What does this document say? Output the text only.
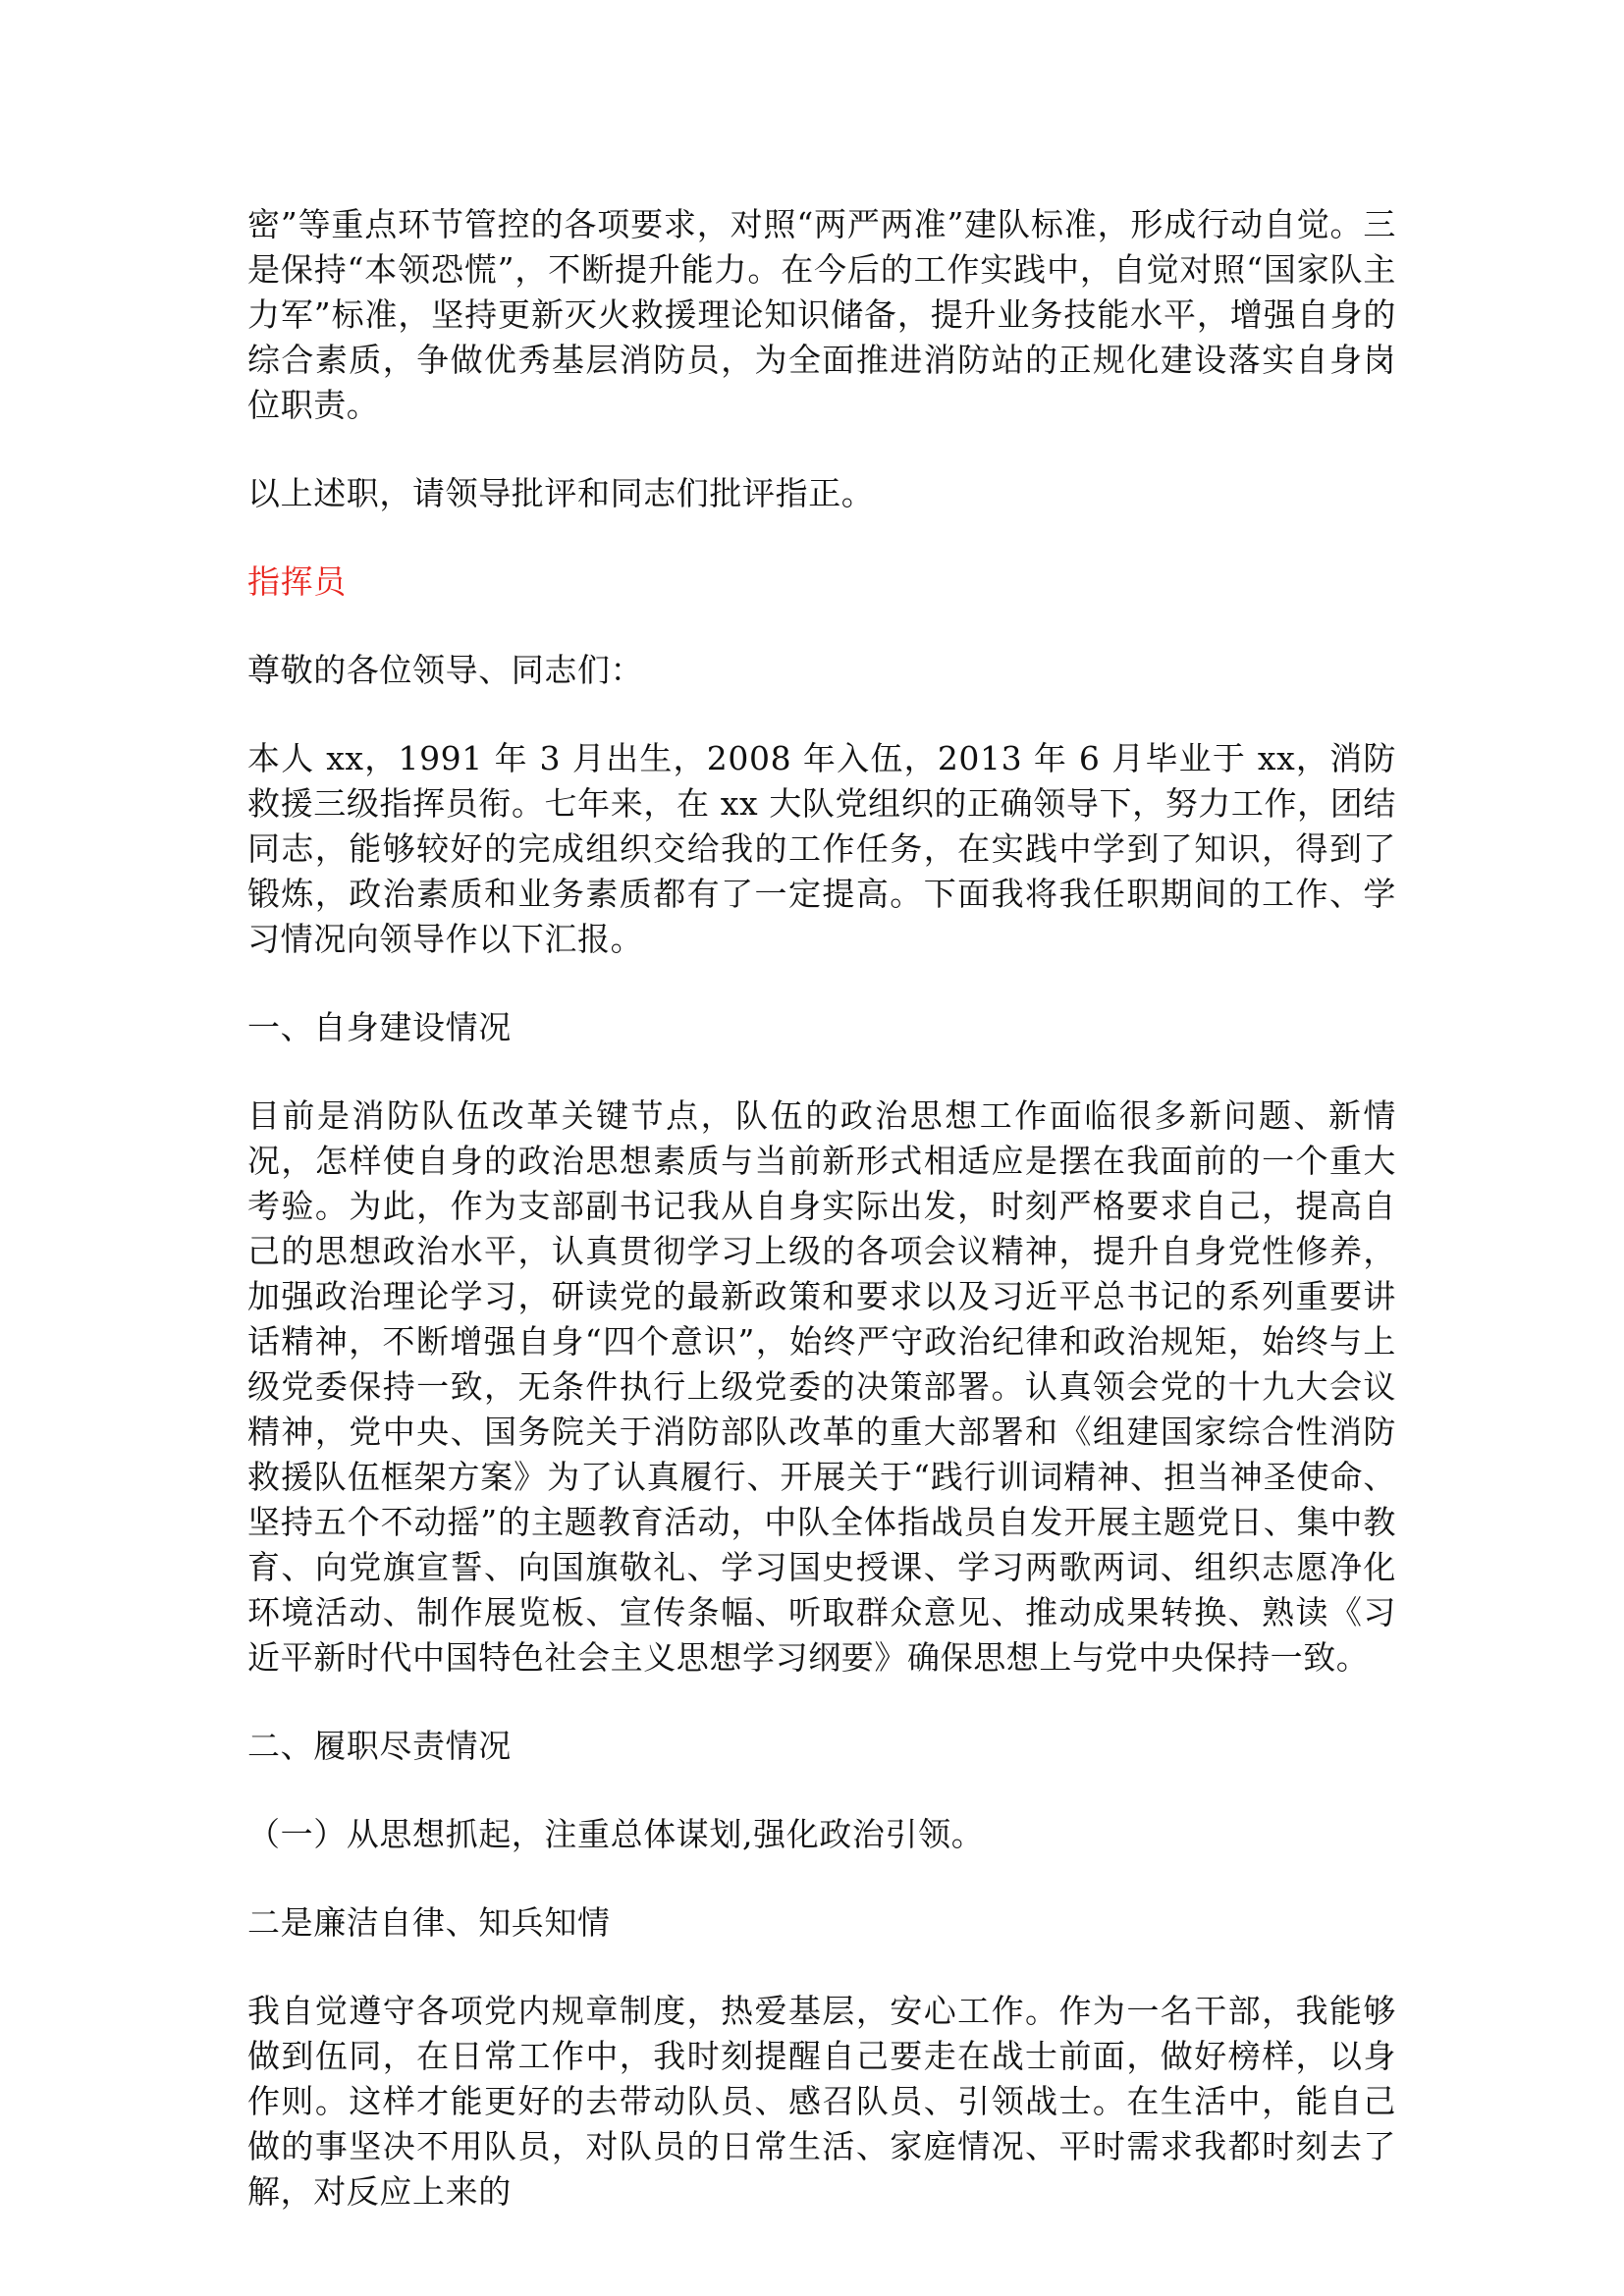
密”等重点环节管控的各项要求，对照“两严两准”建队标准，形成行动自觉。三是保持“本领恐慌”，不断提升能力。在今后的工作实践中，自觉对照“国家队主力军”标准，坚持更新灭火救援理论知识储备，提升业务技能水平，增强自身的综合素质，争做优秀基层消防员，为全面推进消防站的正规化建设落实自身岗位职责。

以上述职，请领导批评和同志们批评指正。

指挥员

尊敬的各位领导、同志们：

本人 xx，1991 年 3 月出生，2008 年入伍，2013 年 6 月毕业于 xx，消防救援三级指挥员衔。七年来，在 xx 大队党组织的正确领导下，努力工作，团结同志，能够较好的完成组织交给我的工作任务，在实践中学到了知识，得到了锻炼，政治素质和业务素质都有了一定提高。下面我将我任职期间的工作、学习情况向领导作以下汇报。

一、自身建设情况

目前是消防队伍改革关键节点，队伍的政治思想工作面临很多新问题、新情况，怎样使自身的政治思想素质与当前新形式相适应是摆在我面前的一个重大考验。为此，作为支部副书记我从自身实际出发，时刻严格要求自己，提高自己的思想政治水平，认真贯彻学习上级的各项会议精神，提升自身党性修养，加强政治理论学习，研读党的最新政策和要求以及习近平总书记的系列重要讲话精神，不断增强自身“四个意识”，始终严守政治纪律和政治规矩，始终与上级党委保持一致，无条件执行上级党委的决策部署。认真领会党的十九大会议精神，党中央、国务院关于消防部队改革的重大部署和《组建国家综合性消防救援队伍框架方案》为了认真履行、开展关于“践行训词精神、担当神圣使命、坚持五个不动摇”的主题教育活动，中队全体指战员自发开展主题党日、集中教育、向党旗宣誓、向国旗敬礼、学习国史授课、学习两歌两词、组织志愿净化环境活动、制作展览板、宣传条幅、听取群众意见、推动成果转换、熟读《习近平新时代中国特色社会主义思想学习纲要》确保思想上与党中央保持一致。

二、履职尽责情况

（一）从思想抓起，注重总体谋划,强化政治引领。

二是廉洁自律、知兵知情

我自觉遵守各项党内规章制度，热爱基层，安心工作。作为一名干部，我能够做到伍同，在日常工作中，我时刻提醒自己要走在战士前面，做好榜样，以身作则。这样才能更好的去带动队员、感召队员、引领战士。在生活中，能自己做的事坚决不用队员，对队员的日常生活、家庭情况、平时需求我都时刻去了解，对反应上来的
